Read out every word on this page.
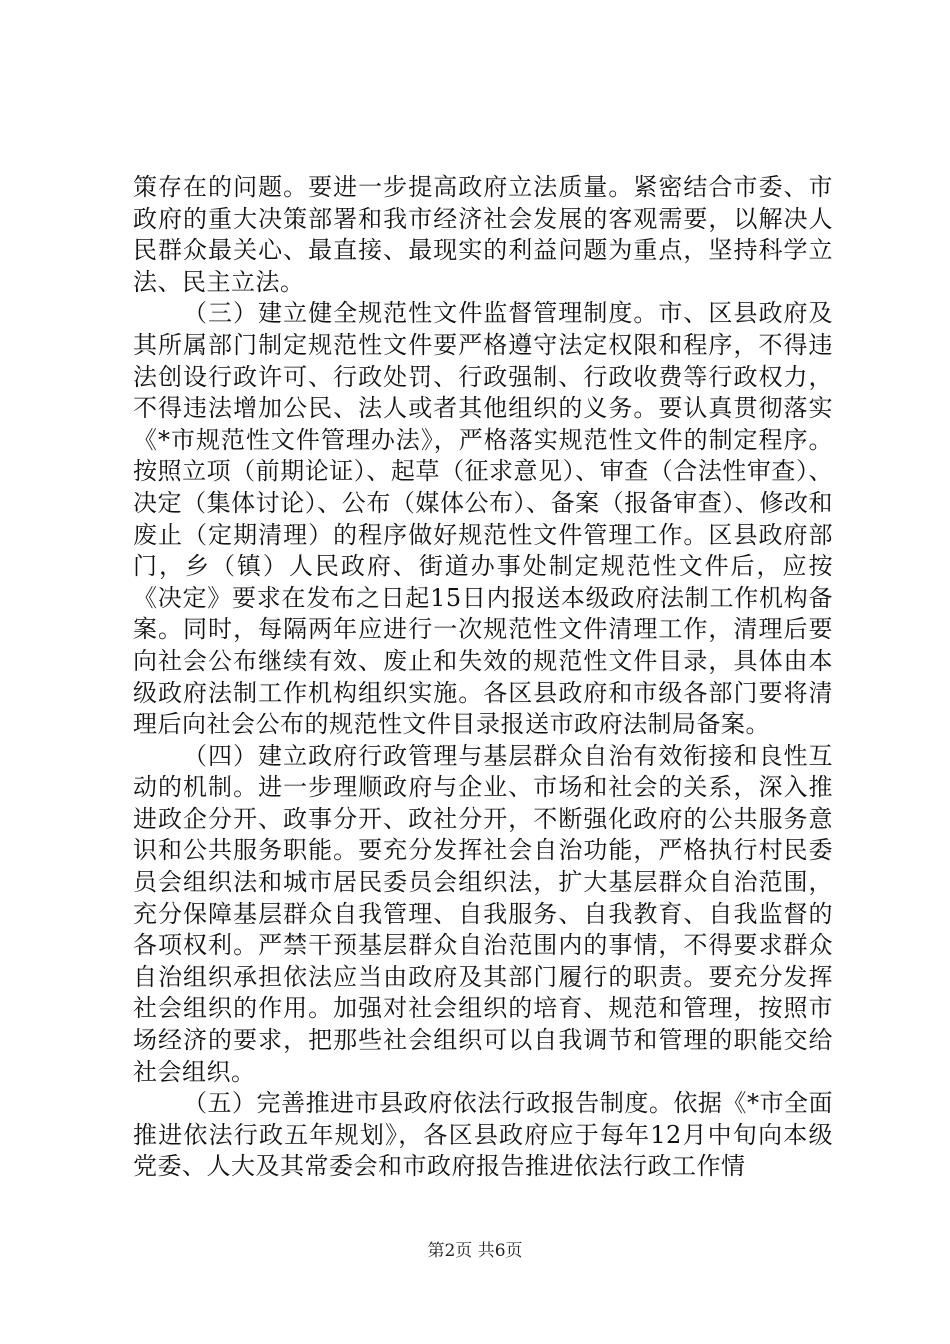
策存在的问题。要进一步提高政府立法质量。紧密结合市委、市政府的重大决策部署和我市经济社会发展的客观需要，以解决人民群众最关心、最直接、最现实的利益问题为重点，坚持科学立法、民主立法。

（三）建立健全规范性文件监督管理制度。市、区县政府及其所属部门制定规范性文件要严格遵守法定权限和程序，不得违法创设行政许可、行政处罚、行政强制、行政收费等行政权力，不得违法增加公民、法人或者其他组织的义务。要认真贯彻落实《*市规范性文件管理办法》，严格落实规范性文件的制定程序。按照立项（前期论证）、起草（征求意见）、审查（合法性审查）、决定（集体讨论）、公布（媒体公布）、备案（报备审查）、修改和废止（定期清理）的程序做好规范性文件管理工作。区县政府部门，乡（镇）人民政府、街道办事处制定规范性文件后，应按《决定》要求在发布之日起15日内报送本级政府法制工作机构备案。同时，每隔两年应进行一次规范性文件清理工作，清理后要向社会公布继续有效、废止和失效的规范性文件目录，具体由本级政府法制工作机构组织实施。各区县政府和市级各部门要将清理后向社会公布的规范性文件目录报送市政府法制局备案。

（四）建立政府行政管理与基层群众自治有效衔接和良性互动的机制。进一步理顺政府与企业、市场和社会的关系，深入推进政企分开、政事分开、政社分开，不断强化政府的公共服务意识和公共服务职能。要充分发挥社会自治功能，严格执行村民委员会组织法和城市居民委员会组织法，扩大基层群众自治范围，充分保障基层群众自我管理、自我服务、自我教育、自我监督的各项权利。严禁干预基层群众自治范围内的事情，不得要求群众自治组织承担依法应当由政府及其部门履行的职责。要充分发挥社会组织的作用。加强对社会组织的培育、规范和管理，按照市场经济的要求，把那些社会组织可以自我调节和管理的职能交给社会组织。

（五）完善推进市县政府依法行政报告制度。依据《*市全面推进依法行政五年规划》，各区县政府应于每年12月中旬向本级党委、人大及其常委会和市政府报告推进依法行政工作情

第2页 共6页
